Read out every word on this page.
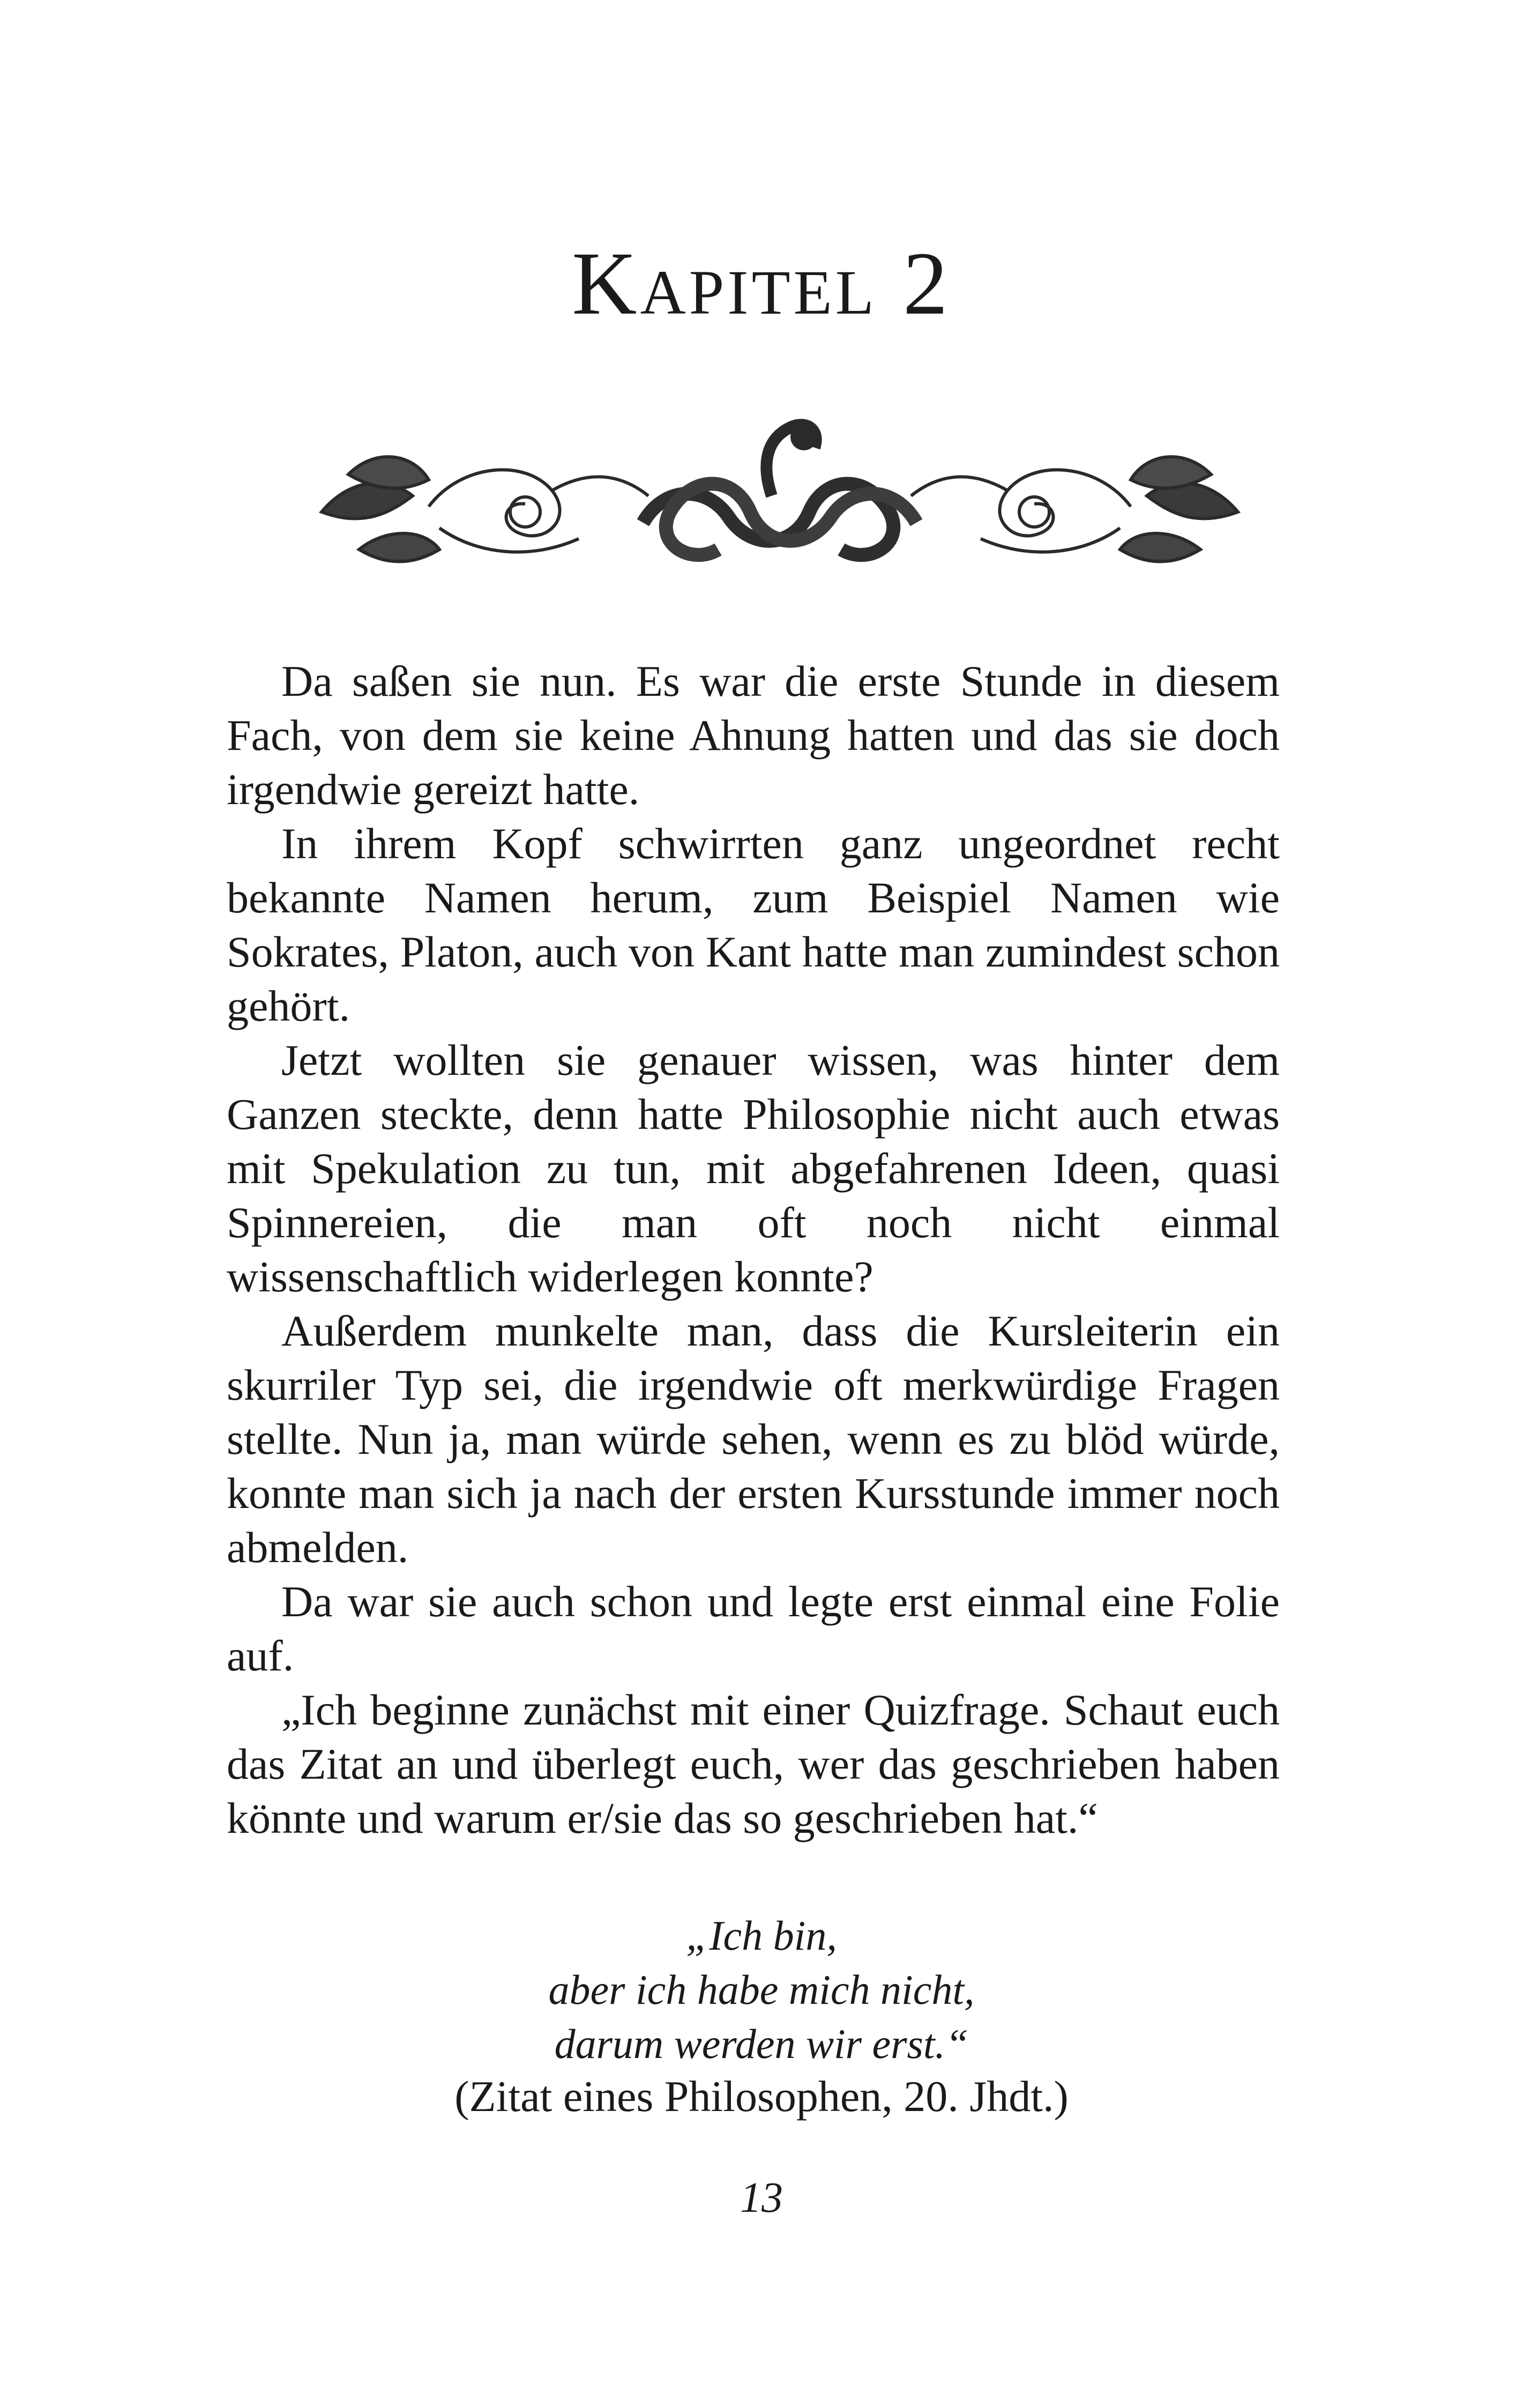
Kapitel 2

Da saßen sie nun. Es war die erste Stunde in diesem Fach, von dem sie keine Ahnung hatten und das sie doch irgendwie gereizt hatte.

In ihrem Kopf schwirrten ganz ungeordnet recht bekannte Namen herum, zum Beispiel Namen wie Sokrates, Platon, auch von Kant hatte man zumindest schon gehört.

Jetzt wollten sie genauer wissen, was hinter dem Ganzen steckte, denn hatte Philosophie nicht auch etwas mit Spekulation zu tun, mit abgefahrenen Ideen, quasi Spinnereien, die man oft noch nicht einmal wissenschaftlich widerlegen konnte?

Außerdem munkelte man, dass die Kursleiterin ein skurriler Typ sei, die irgendwie oft merkwürdige Fragen stellte. Nun ja, man würde sehen, wenn es zu blöd würde, konnte man sich ja nach der ersten Kursstunde immer noch abmelden.

Da war sie auch schon und legte erst einmal eine Folie auf.

„Ich beginne zunächst mit einer Quizfrage. Schaut euch das Zitat an und überlegt euch, wer das geschrieben haben könnte und warum er/sie das so geschrieben hat.“

„Ich bin,
aber ich habe mich nicht,
darum werden wir erst.“
(Zitat eines Philosophen, 20. Jhdt.)
13
